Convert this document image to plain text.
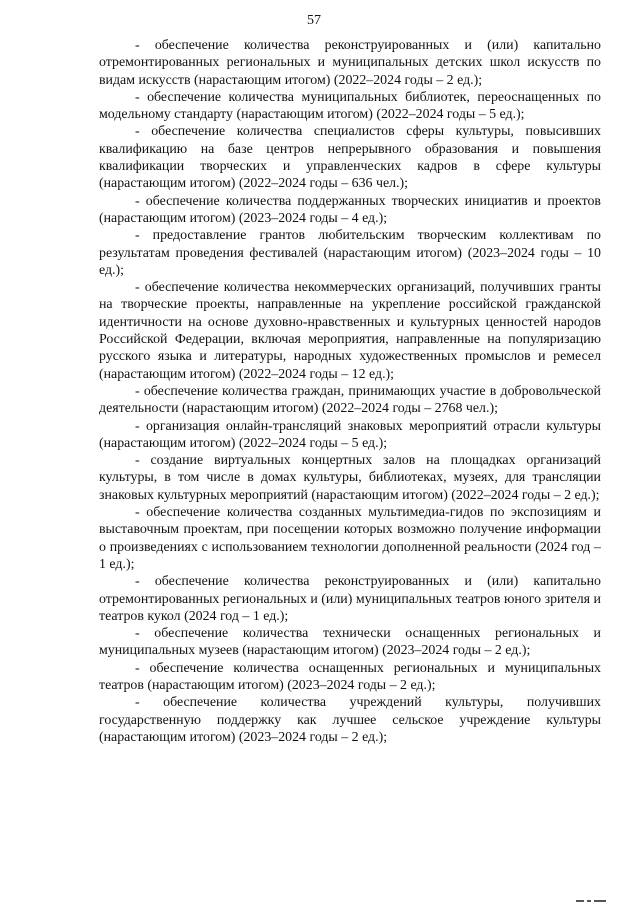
57

- обеспечение количества реконструированных и (или) капитально отремонтированных региональных и муниципальных детских школ искусств по видам искусств (нарастающим итогом) (2022–2024 годы – 2 ед.);

- обеспечение количества муниципальных библиотек, переоснащенных по модельному стандарту (нарастающим итогом) (2022–2024 годы – 5 ед.);

- обеспечение количества специалистов сферы культуры, повысивших квалификацию на базе центров непрерывного образования и повышения квалификации творческих и управленческих кадров в сфере культуры (нарастающим итогом) (2022–2024 годы – 636 чел.);

- обеспечение количества поддержанных творческих инициатив и проектов (нарастающим итогом) (2023–2024 годы – 4 ед.);

- предоставление грантов любительским творческим коллективам по результатам проведения фестивалей (нарастающим итогом) (2023–2024 годы – 10 ед.);

- обеспечение количества некоммерческих организаций, получивших гранты на творческие проекты, направленные на укрепление российской гражданской идентичности на основе духовно-нравственных и культурных ценностей народов Российской Федерации, включая мероприятия, направленные на популяризацию русского языка и литературы, народных художественных промыслов и ремесел (нарастающим итогом) (2022–2024 годы – 12 ед.);

- обеспечение количества граждан, принимающих участие в добровольческой деятельности (нарастающим итогом) (2022–2024 годы – 2768 чел.);

- организация онлайн-трансляций знаковых мероприятий отрасли культуры (нарастающим итогом) (2022–2024 годы – 5 ед.);

- создание виртуальных концертных залов на площадках организаций культуры, в том числе в домах культуры, библиотеках, музеях, для трансляции знаковых культурных мероприятий (нарастающим итогом) (2022–2024 годы – 2 ед.);

- обеспечение количества созданных мультимедиа-гидов по экспозициям и выставочным проектам, при посещении которых возможно получение информации о произведениях с использованием технологии дополненной реальности (2024 год – 1 ед.);

- обеспечение количества реконструированных и (или) капитально отремонтированных региональных и (или) муниципальных театров юного зрителя и театров кукол (2024 год – 1 ед.);

- обеспечение количества технически оснащенных региональных и муниципальных музеев (нарастающим итогом) (2023–2024 годы – 2 ед.);

- обеспечение количества оснащенных региональных и муниципальных театров (нарастающим итогом) (2023–2024 годы – 2 ед.);

- обеспечение количества учреждений культуры, получивших государственную поддержку как лучшее сельское учреждение культуры (нарастающим итогом) (2023–2024 годы – 2 ед.);
